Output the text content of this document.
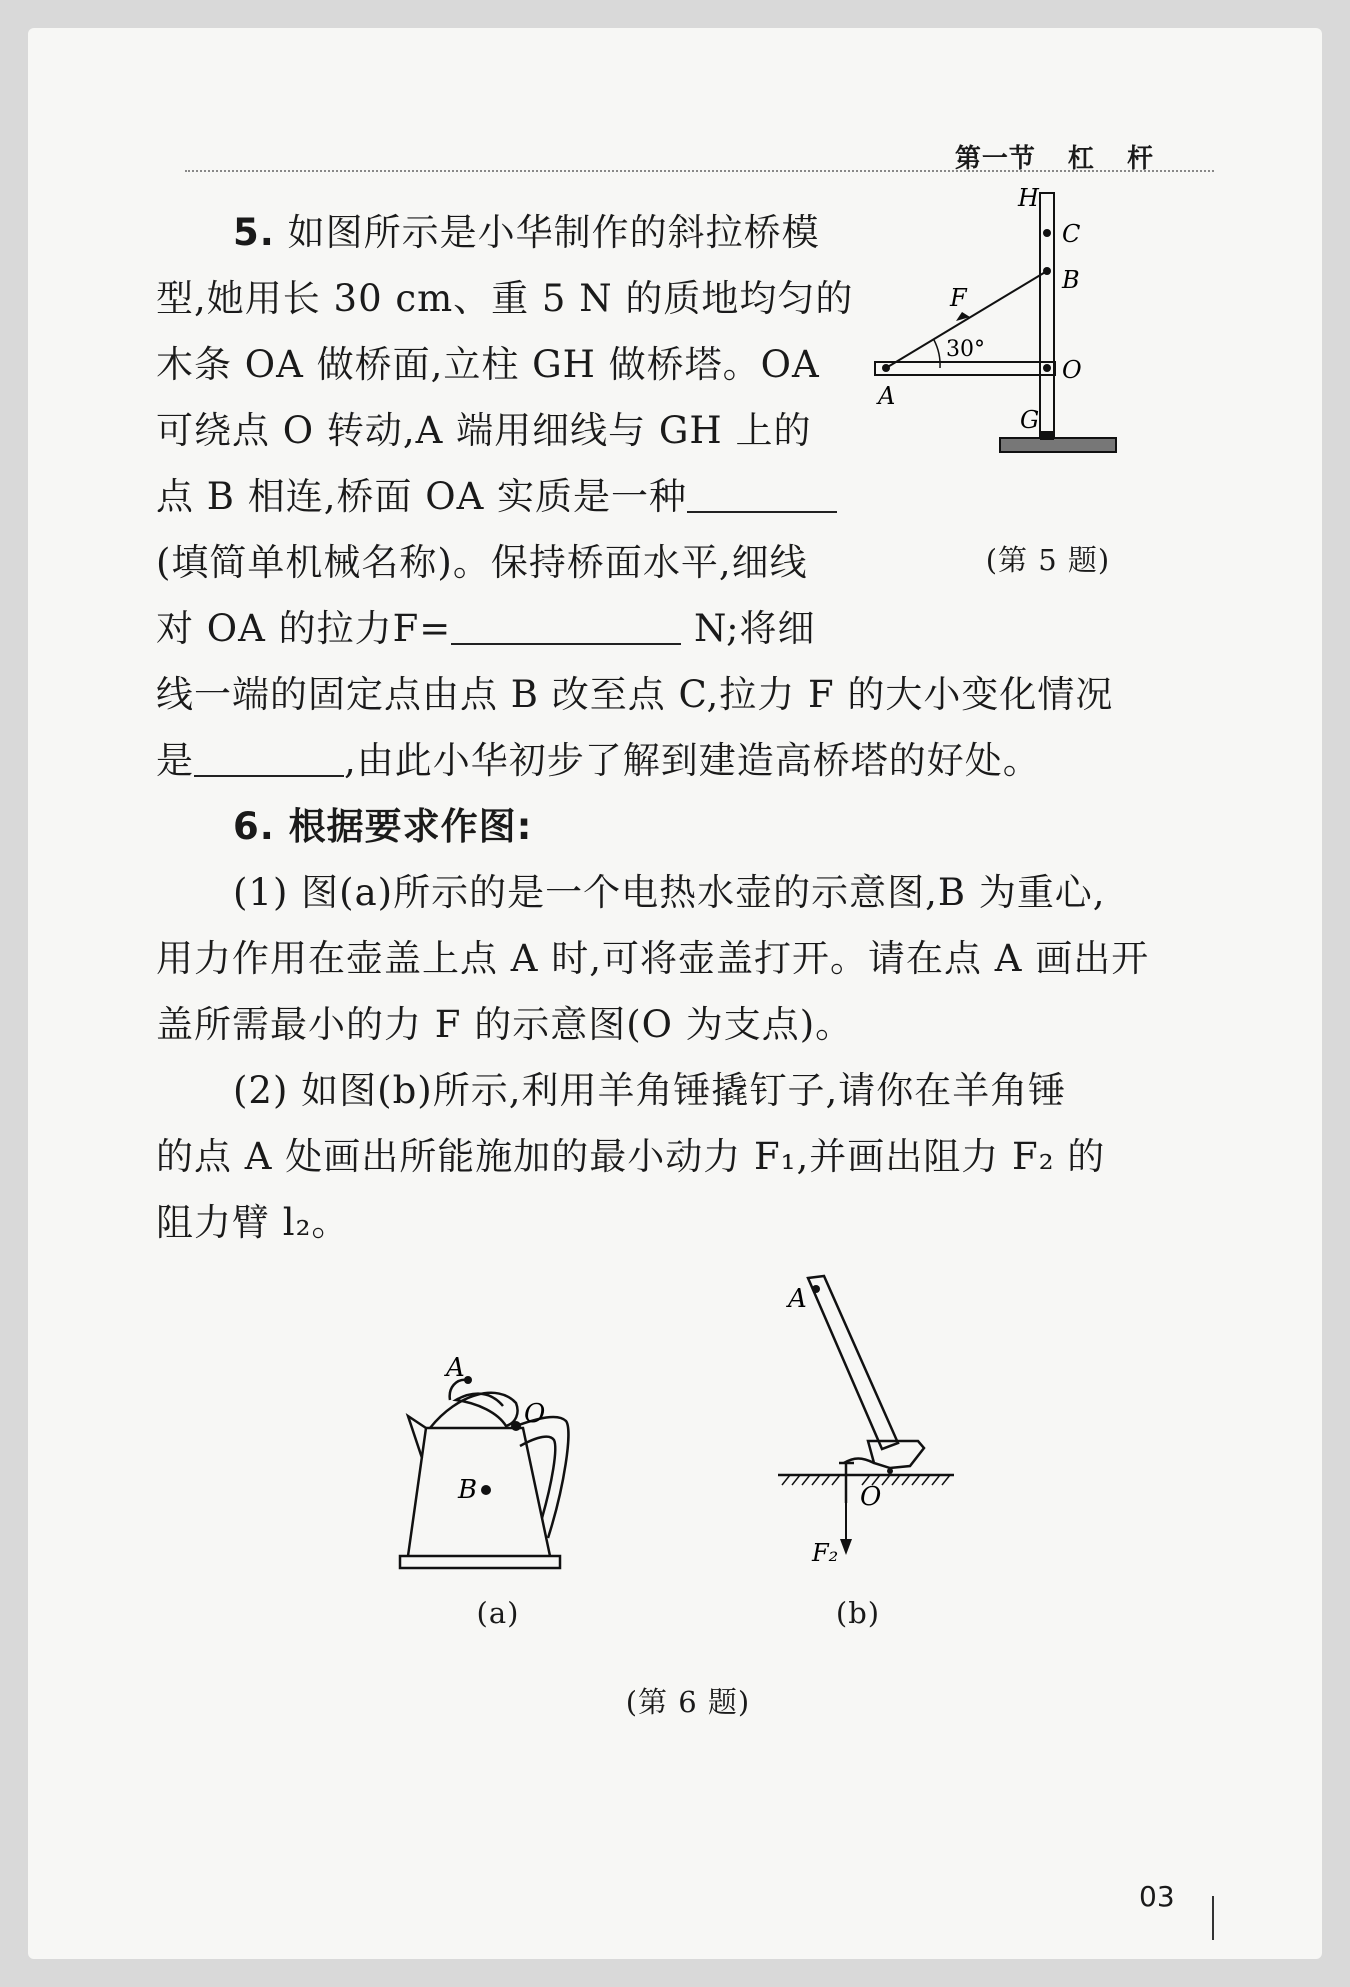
第一节 杠 杆
5. 如图所示是小华制作的斜拉桥模
型,她用长 30 cm、重 5 N 的质地均匀的
木条 OA 做桥面,立柱 GH 做桥塔。OA
可绕点 O 转动,A 端用细线与 GH 上的
点 B 相连,桥面 OA 实质是一种
(填简单机械名称)。保持桥面水平,细线
对 OA 的拉力F=	N;将细
线一端的固定点由点 B 改至点 C,拉力 F 的大小变化情况
是	,由此小华初步了解到建造高桥塔的好处。
H
C
B
F
30°
O
A
G
(第 5 题)
6. 根据要求作图:
(1) 图(a)所示的是一个电热水壶的示意图,B 为重心,
用力作用在壶盖上点 A 时,可将壶盖打开。请在点 A 画出开
盖所需最小的力 F 的示意图(O 为支点)。
(2) 如图(b)所示,利用羊角锤撬钉子,请你在羊角锤
的点 A 处画出所能施加的最小动力 F₁,并画出阻力 F₂ 的
阻力臂 l₂。
A
O
B
(a)
A
O
F₂
(b)
(第 6 题)
03
